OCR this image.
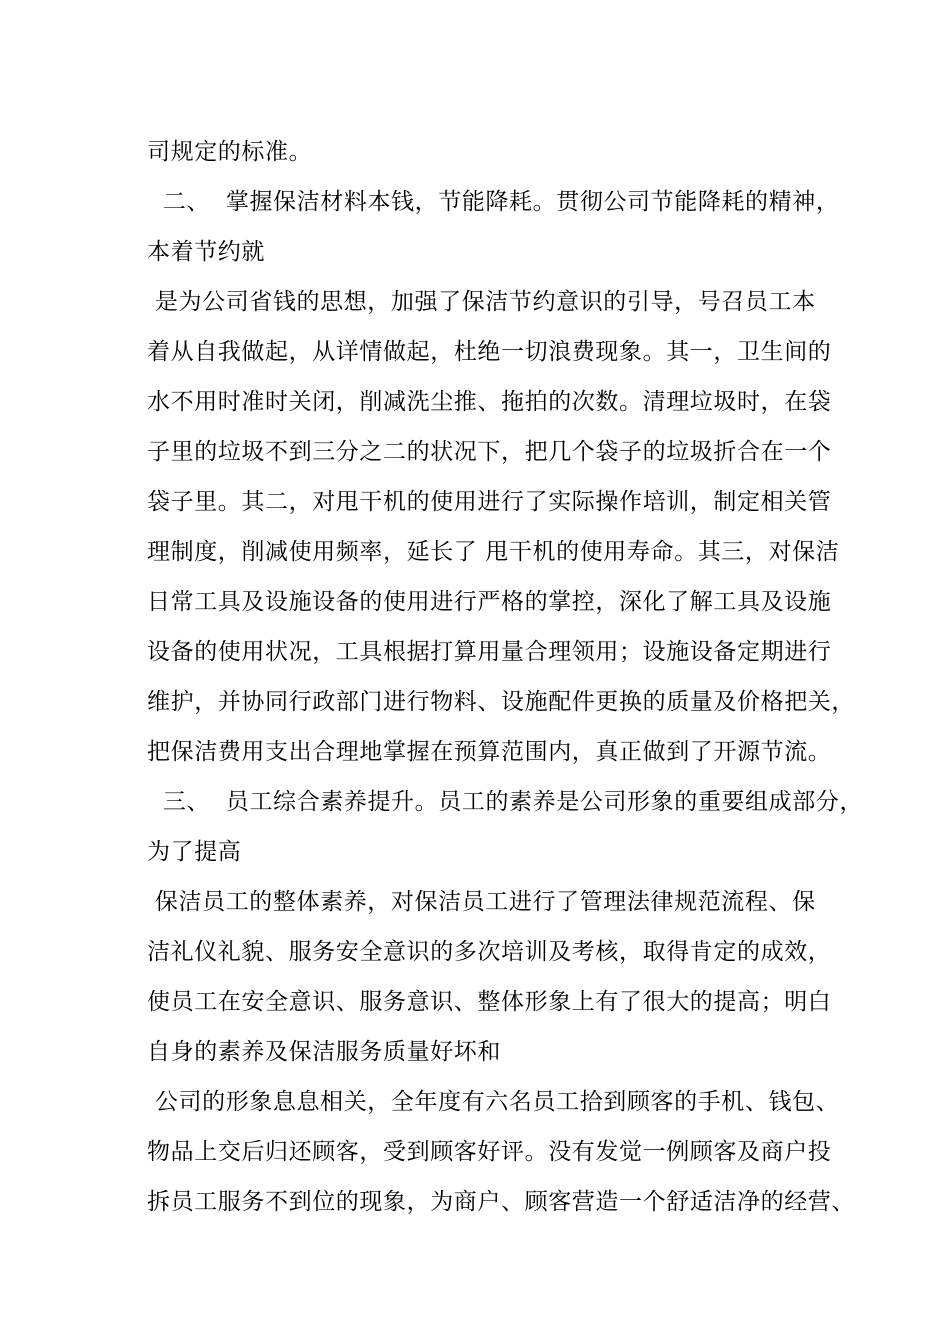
司规定的标准。
二、  掌握保洁材料本钱，节能降耗。贯彻公司节能降耗的精神，
本着节约就
是为公司省钱的思想，加强了保洁节约意识的引导，号召员工本
着从自我做起，从详情做起，杜绝一切浪费现象。其一，卫生间的
水不用时准时关闭，削减洗尘推、拖拍的次数。清理垃圾时，在袋
子里的垃圾不到三分之二的状况下，把几个袋子的垃圾折合在一个
袋子里。其二，对甩干机的使用进行了实际操作培训，制定相关管
理制度，削减使用频率，延长了 甩干机的使用寿命。其三，对保洁
日常工具及设施设备的使用进行严格的掌控，深化了解工具及设施
设备的使用状况，工具根据打算用量合理领用；设施设备定期进行
维护，并协同行政部门进行物料、设施配件更换的质量及价格把关，
把保洁费用支出合理地掌握在预算范围内，真正做到了开源节流。
三、  员工综合素养提升。员工的素养是公司形象的重要组成部分，
为了提高
保洁员工的整体素养，对保洁员工进行了管理法律规范流程、保
洁礼仪礼貌、服务安全意识的多次培训及考核，取得肯定的成效，
使员工在安全意识、服务意识、整体形象上有了很大的提高；明白
自身的素养及保洁服务质量好坏和
公司的形象息息相关，全年度有六名员工拾到顾客的手机、钱包、
物品上交后归还顾客，受到顾客好评。没有发觉一例顾客及商户投
拆员工服务不到位的现象，为商户、顾客营造一个舒适洁净的经营、
